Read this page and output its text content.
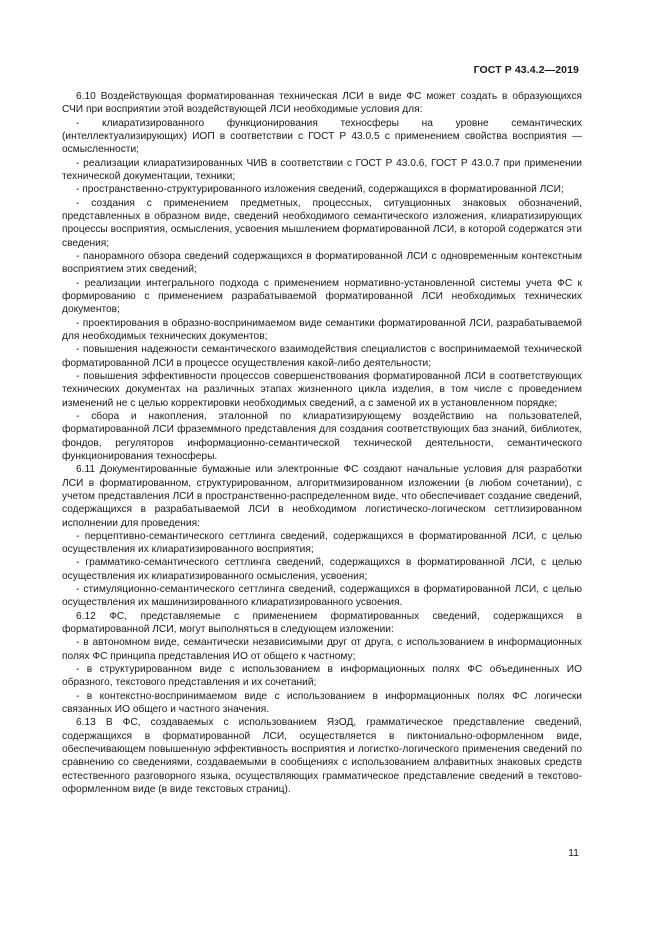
ГОСТ Р 43.4.2—2019

6.10 Воздействующая форматированная техническая ЛСИ в виде ФС может создать в образующихся СЧИ при восприятии этой воздействующей ЛСИ необходимые условия для:

- клиаратизированного функционирования техносферы на уровне семантических (интеллектуализирующих) ИОП в соответствии с ГОСТ Р 43.0.5 с применением свойства восприятия — осмысленности;

- реализации клиаратизированных ЧИВ в соответствии с ГОСТ Р 43.0.6, ГОСТ Р 43.0.7 при применении технической документации, техники;

- пространственно-структурированного изложения сведений, содержащихся в форматированной ЛСИ;

- создания с применением предметных, процессных, ситуационных знаковых обозначений, представленных в образном виде, сведений необходимого семантического изложения, клиаратизирующих процессы восприятия, осмысления, усвоения мышлением форматированной ЛСИ, в которой содержатся эти сведения;

- панорамного обзора сведений содержащихся в форматированной ЛСИ с одновременным контекстным восприятием этих сведений;

- реализации интегрального подхода с применением нормативно-установленной системы учета ФС к формированию с применением разрабатываемой форматированной ЛСИ необходимых технических документов;

- проектирования в образно-воспринимаемом виде семантики форматированной ЛСИ, разрабатываемой для необходимых технических документов;

- повышения надежности семантического взаимодействия специалистов с воспринимаемой технической форматированной ЛСИ в процессе осуществления какой-либо деятельности;

- повышения эффективности процессов совершенствования форматированной ЛСИ в соответствующих технических документах на различных этапах жизненного цикла изделия, в том числе с проведением изменений не с целью корректировки необходимых сведений, а с заменой их в установленном порядке;

- сбора и накопления, эталонной по клиаратизирующему воздействию на пользователей, форматированной ЛСИ фраземмного представления для создания соответствующих баз знаний, библиотек, фондов, регуляторов информационно-семантической технической деятельности, семантического функционирования техносферы.

6.11 Документированные бумажные или электронные ФС создают начальные условия для разработки ЛСИ в форматированном, структурированном, алгоритмизированном изложении (в любом сочетании), с учетом представления ЛСИ в пространственно-распределенном виде, что обеспечивает создание сведений, содержащихся в разрабатываемой ЛСИ в необходимом логистическо-логическом сеттлизированном исполнении для проведения:

- перцептивно-семантического сеттлинга сведений, содержащихся в форматированной ЛСИ, с целью осуществления их клиаратизированного восприятия;

- грамматико-семантического сеттлинга сведений, содержащихся в форматированной ЛСИ, с целью осуществления их клиаратизированного осмысления, усвоения;

- стимуляционно-семантического сеттлинга сведений, содержащихся в форматированной ЛСИ, с целью осуществления их машинизированного клиаратизированного усвоения.

6.12 ФС, представляемые с применением форматированных сведений, содержащихся в форматированной ЛСИ, могут выполняться в следующем изложении:

- в автономном виде, семантически независимыми друг от друга, с использованием в информационных полях ФС принципа представления ИО от общего к частному;

- в структурированном виде с использованием в информационных полях ФС объединенных ИО образного, текстового представления и их сочетаний;

- в контекстно-воспринимаемом виде с использованием в информационных полях ФС логически связанных ИО общего и частного значения.

6.13 В ФС, создаваемых с использованием ЯзОД, грамматическое представление сведений, содержащихся в форматированной ЛСИ, осуществляется в пиктониально-оформленном виде, обеспечивающем повышенную эффективность восприятия и логистко-логического применения сведений по сравнению со сведениями, создаваемыми в сообщениях с использованием алфавитных знаковых средств естественного разговорного языка, осуществляющих грамматическое представление сведений в текстово-оформленном виде (в виде текстовых страниц).

11
